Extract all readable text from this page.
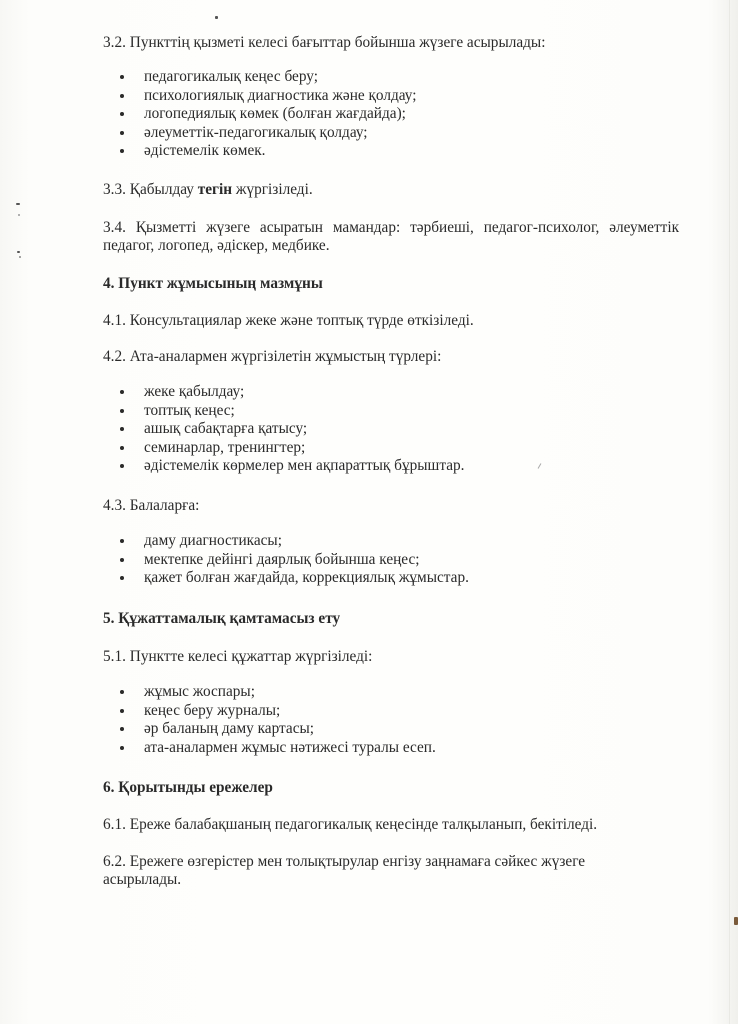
3.2. Пункттің қызметі келесі бағыттар бойынша жүзеге асырылады:
педагогикалық кеңес беру;
психологиялық диагностика және қолдау;
логопедиялық көмек (болған жағдайда);
әлеуметтік-педагогикалық қолдау;
әдістемелік көмек.
3.3. Қабылдау тегін жүргізіледі.
3.4. Қызметті жүзеге асыратын мамандар: тәрбиеші, педагог-психолог, әлеуметтік педагог, логопед, әдіскер, медбике.
4. Пункт жұмысының мазмұны
4.1. Консультациялар жеке және топтық түрде өткізіледі.
4.2. Ата-аналармен жүргізілетін жұмыстың түрлері:
жеке қабылдау;
топтық кеңес;
ашық сабақтарға қатысу;
семинарлар, тренингтер;
әдістемелік көрмелер мен ақпараттық бұрыштар.
4.3. Балаларға:
даму диагностикасы;
мектепке дейінгі даярлық бойынша кеңес;
қажет болған жағдайда, коррекциялық жұмыстар.
5. Құжаттамалық қамтамасыз ету
5.1. Пунктте келесі құжаттар жүргізіледі:
жұмыс жоспары;
кеңес беру журналы;
әр баланың даму картасы;
ата-аналармен жұмыс нәтижесі туралы есеп.
6. Қорытынды ережелер
6.1. Ереже балабақшаның педагогикалық кеңесінде талқыланып, бекітіледі.
6.2. Ережеге өзгерістер мен толықтырулар енгізу заңнамаға сәйкес жүзеге асырылады.
